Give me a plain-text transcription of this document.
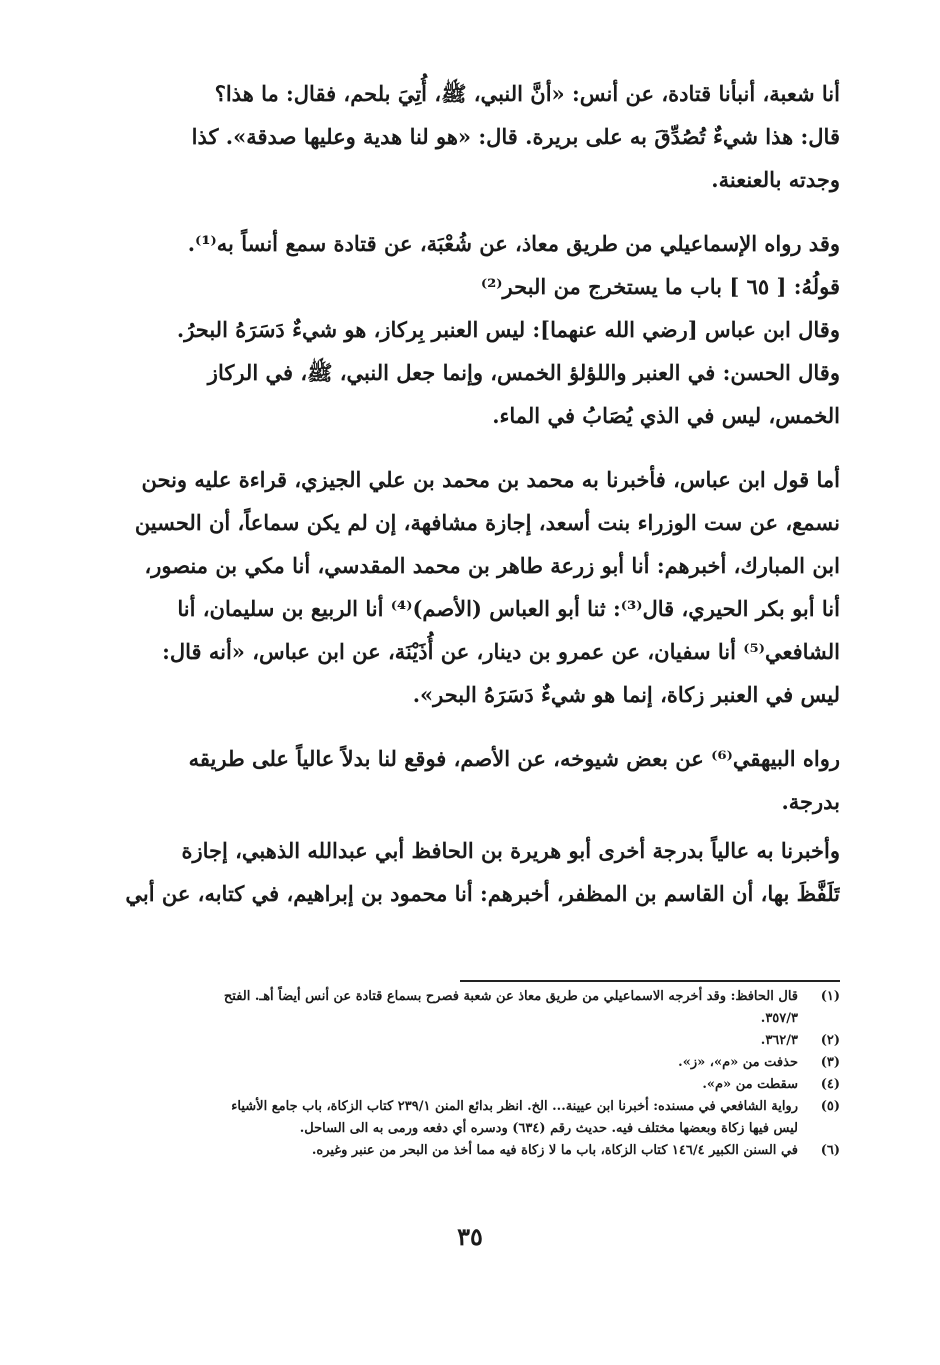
أنا شعبة، أنبأنا قتادة، عن أنس: «أنَّ النبي، ﷺ، أُتِيَ بلحم، فقال: ما هذا؟
قال: هذا شيءٌ تُصُدِّقَ به على بريرة. قال: «هو لنا هدية وعليها صدقة». كذا
وجدته بالعنعنة.
وقد رواه الإسماعيلي من طريق معاذ، عن شُعْبَة، عن قتادة سمع أنساً به⁽¹⁾.
قولُهُ: [ ٦٥ ] باب ما يستخرج من البحر⁽²⁾
وقال ابن عباس [رضي الله عنهما]: ليس العنبر بِركاز، هو شيءٌ دَسَرَهُ البحرُ.
وقال الحسن: في العنبر واللؤلؤ الخمس، وإنما جعل النبي، ﷺ، في الركاز
الخمس، ليس في الذي يُصَابُ في الماء.
أما قول ابن عباس، فأخبرنا به محمد بن محمد بن علي الجيزي، قراءة عليه ونحن
نسمع، عن ست الوزراء بنت أسعد، إجازة مشافهة، إن لم يكن سماعاً، أن الحسين
ابن المبارك، أخبرهم: أنا أبو زرعة طاهر بن محمد المقدسي، أنا مكي بن منصور،
أنا أبو بكر الحيري، قال⁽³⁾: ثنا أبو العباس (الأصم)⁽⁴⁾ أنا الربيع بن سليمان، أنا
الشافعي⁽⁵⁾ أنا سفيان، عن عمرو بن دينار، عن أُذَيْنَة، عن ابن عباس، «أنه قال:
ليس في العنبر زكاة، إنما هو شيءٌ دَسَرَهُ البحر».
رواه البيهقي⁽⁶⁾ عن بعض شيوخه، عن الأصم، فوقع لنا بدلاً عالياً على طريقه
بدرجة.
وأخبرنا به عالياً بدرجة أخرى أبو هريرة بن الحافظ أبي عبدالله الذهبي، إجازة
تَلَفَّظَ بها، أن القاسم بن المظفر، أخبرهم: أنا محمود بن إبراهيم، في كتابه، عن أبي
(١)
قال الحافظ: وقد أخرجه الاسماعيلي من طريق معاذ عن شعبة فصرح بسماع قتادة عن أنس أيضاً أهـ. الفتح
٣٥٧/٣.
(٢)
٣٦٢/٣.
(٣)
حذفت من «م»، «ز».
(٤)
سقطت من «م».
(٥)
رواية الشافعي في مسنده: أخبرنا ابن عيينة... الخ. انظر بدائع المنن ٢٣٩/١ كتاب الزكاة، باب جامع الأشياء
ليس فيها زكاة وبعضها مختلف فيه. حديث رقم (٦٣٤) ودسره أي دفعه ورمى به الى الساحل.
(٦)
في السنن الكبير ١٤٦/٤ كتاب الزكاة، باب ما لا زكاة فيه مما أخذ من البحر من عنبر وغيره.
٣٥
